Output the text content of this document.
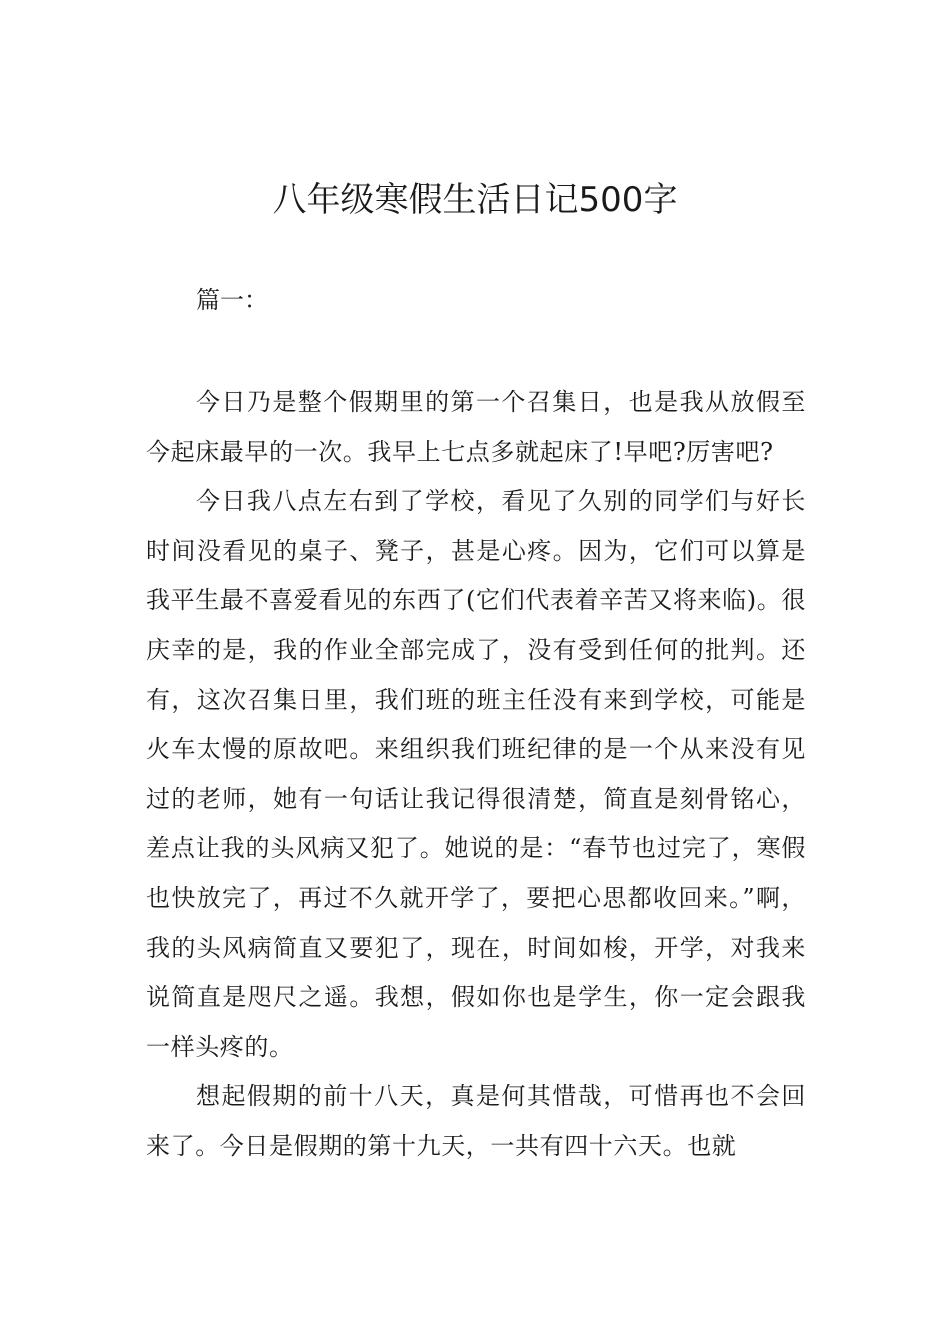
八年级寒假生活日记500字

篇一：

今日乃是整个假期里的第一个召集日，也是我从放假至今起床最早的一次。我早上七点多就起床了!早吧?厉害吧?

今日我八点左右到了学校，看见了久别的同学们与好长时间没看见的桌子、凳子，甚是心疼。因为，它们可以算是我平生最不喜爱看见的东西了(它们代表着辛苦又将来临)。很庆幸的是，我的作业全部完成了，没有受到任何的批判。还有，这次召集日里，我们班的班主任没有来到学校，可能是火车太慢的原故吧。来组织我们班纪律的是一个从来没有见过的老师，她有一句话让我记得很清楚，简直是刻骨铭心，差点让我的头风病又犯了。她说的是：“春节也过完了，寒假也快放完了，再过不久就开学了，要把心思都收回来。”啊，我的头风病简直又要犯了，现在，时间如梭，开学，对我来说简直是咫尺之遥。我想，假如你也是学生，你一定会跟我一样头疼的。

想起假期的前十八天，真是何其惜哉，可惜再也不会回来了。今日是假期的第十九天，一共有四十六天。也就
